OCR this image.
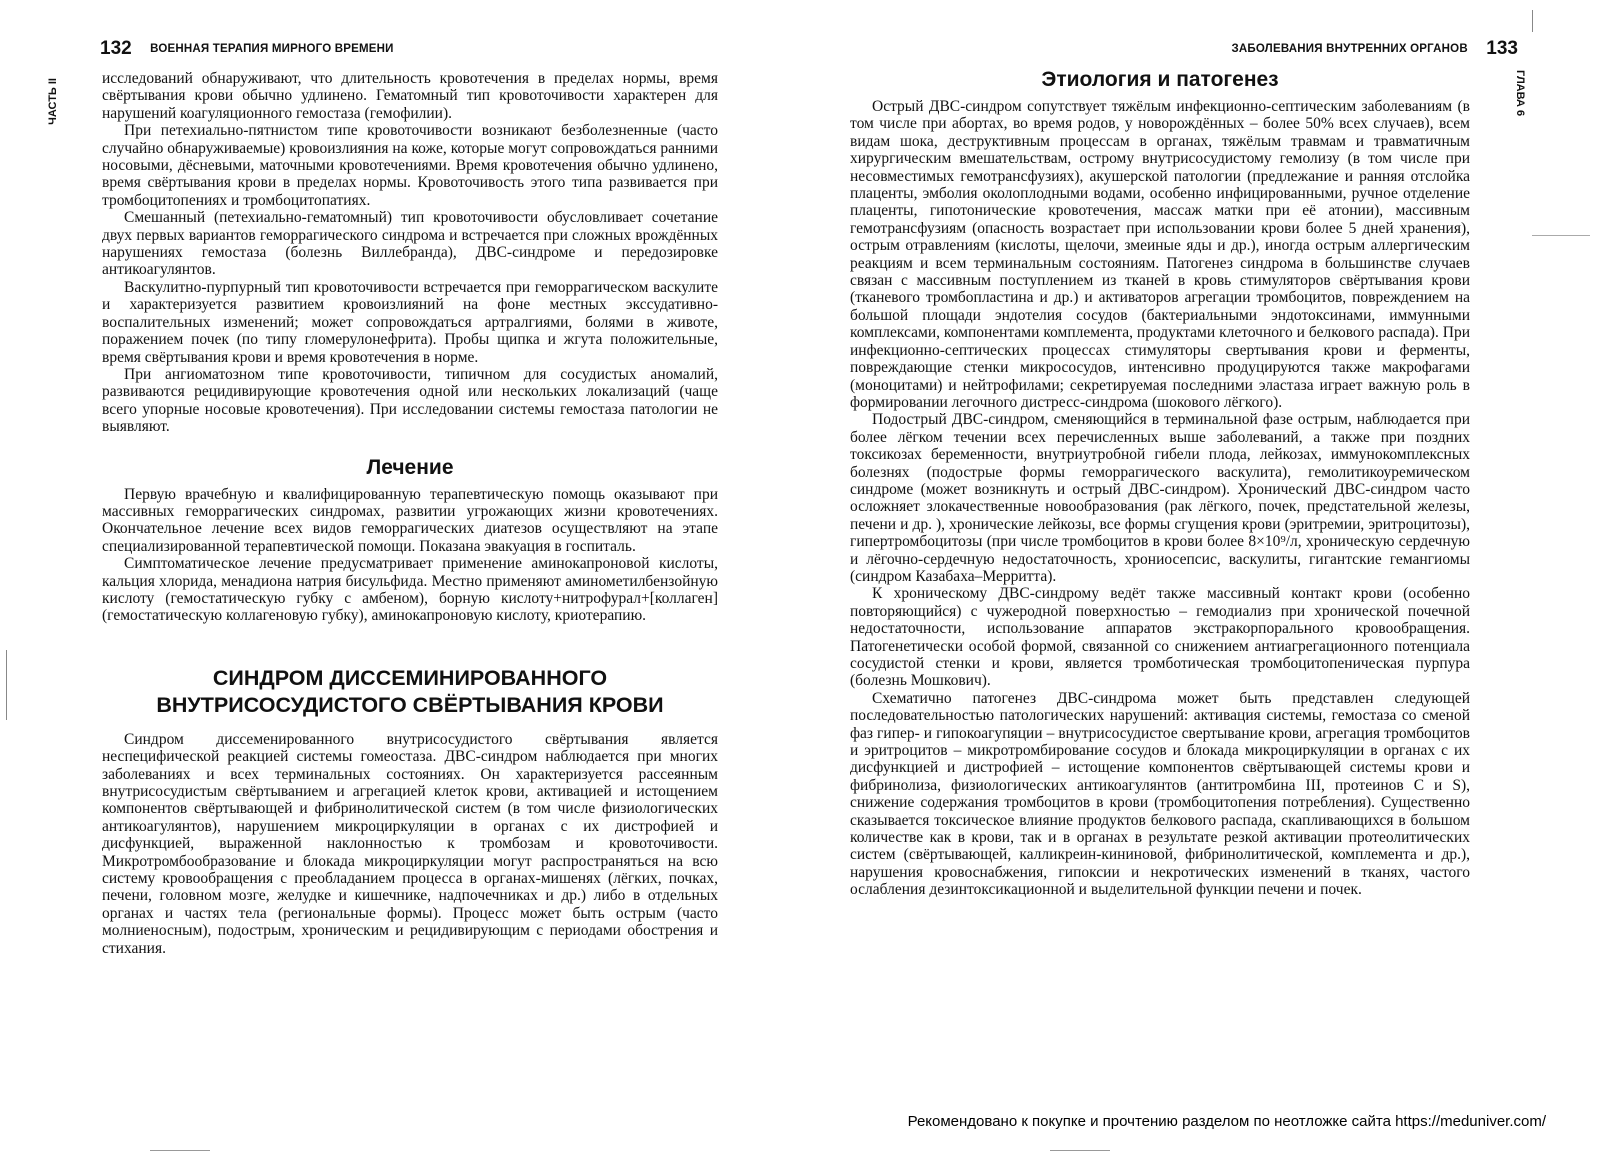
132 ВОЕННАЯ ТЕРАПИЯ МИРНОГО ВРЕМЕНИ
ЧАСТЬ II	исследований обнаруживают, что длительность кровотечения в пределах нормы, время свёртывания крови обычно удлинено. Гематомный тип кровоточивости характерен для нарушений коагуляционного гемостаза (гемофилии).

При петехиально-пятнистом типе кровоточивости возникают безболезненные (часто случайно обнаруживаемые) кровоизлияния на коже, которые могут сопровождаться ранними носовыми, дёсневыми, маточными кровотечениями. Время кровотечения обычно удлинено, время свёртывания крови в пределах нормы. Кровоточивость этого типа развивается при тромбоцитопениях и тромбоцитопатиях.

Смешанный (петехиально-гематомный) тип кровоточивости обусловливает сочетание двух первых вариантов геморрагического синдрома и встречается при сложных врождённых нарушениях гемостаза (болезнь Виллебранда), ДВС-синдроме и передозировке антикоагулянтов.

Васкулитно-пурпурный тип кровоточивости встречается при геморрагическом васкулите и характеризуется развитием кровоизлияний на фоне местных экссудативно-воспалительных изменений; может сопровождаться артралгиями, болями в животе, поражением почек (по типу гломерулонефрита). Пробы щипка и жгута положительные, время свёртывания крови и время кровотечения в норме.

При ангиоматозном типе кровоточивости, типичном для сосудистых аномалий, развиваются рецидивирующие кровотечения одной или нескольких локализаций (чаще всего упорные носовые кровотечения). При исследовании системы гемостаза патологии не выявляют.

Лечение

Первую врачебную и квалифицированную терапевтическую помощь оказывают при массивных геморрагических синдромах, развитии угрожающих жизни кровотечениях. Окончательное лечение всех видов геморрагических диатезов осуществляют на этапе специализированной терапевтической помощи. Показана эвакуация в госпиталь.

Симптоматическое лечение предусматривает применение аминокапроновой кислоты, кальция хлорида, менадиона натрия бисульфида. Местно применяют аминометилбензойную кислоту (гемостатическую губку с амбеном), борную кислоту+нитрофурал+[коллаген] (гемостатическую коллагеновую губку), аминокапроновую кислоту, криотерапию.

СИНДРОМ ДИССЕМИНИРОВАННОГО ВНУТРИСОСУДИСТОГО СВЁРТЫВАНИЯ КРОВИ

Синдром диссеменированного внутрисосудистого свёртывания является неспецифической реакцией системы гомеостаза. ДВС-синдром наблюдается при многих заболеваниях и всех терминальных состояниях. Он характеризуется рассеянным внутрисосудистым свёртыванием и агрегацией клеток крови, активацией и истощением компонентов свёртывающей и фибринолитической систем (в том числе физиологических антикоагулянтов), нарушением микроциркуляции в органах с их дистрофией и дисфункцией, выраженной наклонностью к тромбозам и кровоточивости. Микротромбообразование и блокада микроциркуляции могут распространяться на всю систему кровообращения с преобладанием процесса в органах-мишенях (лёгких, почках, печени, головном мозге, желудке и кишечнике, надпочечниках и др.) либо в отдельных органах и частях тела (региональные формы). Процесс может быть острым (часто молниеносным), подострым, хроническим и рецидивирующим с периодами обострения и стихания.

ЗАБОЛЕВАНИЯ ВНУТРЕННИХ ОРГАНОВ 133
ГЛАВА 6
Этиология и патогенез

Острый ДВС-синдром сопутствует тяжёлым инфекционно-септическим заболеваниям (в том числе при абортах, во время родов, у новорождённых – более 50% всех случаев), всем видам шока, деструктивным процессам в органах, тяжёлым травмам и травматичным хирургическим вмешательствам, острому внутрисосудистому гемолизу (в том числе при несовместимых гемотрансфузиях), акушерской патологии (предлежание и ранняя отслойка плаценты, эмболия околоплодными водами, особенно инфицированными, ручное отделение плаценты, гипотонические кровотечения, массаж матки при её атонии), массивным гемотрансфузиям (опасность возрастает при использовании крови более 5 дней хранения), острым отравлениям (кислоты, щелочи, змеиные яды и др.), иногда острым аллергическим реакциям и всем терминальным состояниям. Патогенез синдрома в большинстве случаев связан с массивным поступлением из тканей в кровь стимуляторов свёртывания крови (тканевого тромбопластина и др.) и активаторов агрегации тромбоцитов, повреждением на большой площади эндотелия сосудов (бактериальными эндотоксинами, иммунными комплексами, компонентами комплемента, продуктами клеточного и белкового распада). При инфекционно-септических процессах стимуляторы свертывания крови и ферменты, повреждающие стенки микрососудов, интенсивно продуцируются также макрофагами (моноцитами) и нейтрофилами; секретируемая последними эластаза играет важную роль в формировании легочного дистресс-синдрома (шокового лёгкого).

Подострый ДВС-синдром, сменяющийся в терминальной фазе острым, наблюдается при более лёгком течении всех перечисленных выше заболеваний, а также при поздних токсикозах беременности, внутриутробной гибели плода, лейкозах, иммунокомплексных болезнях (подострые формы геморрагического васкулита), гемолитикоуремическом синдроме (может возникнуть и острый ДВС-синдром). Хронический ДВС-синдром часто осложняет злокачественные новообразования (рак лёгкого, почек, предстательной железы, печени и др. ), хронические лейкозы, все формы сгущения крови (эритремии, эритроцитозы), гипертромбоцитозы (при числе тромбоцитов в крови более 8×10⁹/л, хроническую сердечную и лёгочно-сердечную недостаточность, хрониосепсис, васкулиты, гигантские гемангиомы (синдром Казабаха–Мерритта).

К хроническому ДВС-синдрому ведёт также массивный контакт крови (особенно повторяющийся) с чужеродной поверхностью – гемодиализ при хронической почечной недостаточности, использование аппаратов экстракорпорального кровообращения. Патогенетически особой формой, связанной со снижением антиагрегационного потенциала сосудистой стенки и крови, является тромботическая тромбоцитопеническая пурпура (болезнь Мошкович).

Схематично патогенез ДВС-синдрома может быть представлен следующей последовательностью патологических нарушений: активация системы, гемостаза со сменой фаз гипер- и гипокоагупяции – внутрисосудистое свертывание крови, агрегация тромбоцитов и эритроцитов – микротромбирование сосудов и блокада микроциркуляции в органах с их дисфункцией и дистрофией – истощение компонентов свёртывающей системы крови и фибринолиза, физиологических антикоагулянтов (антитромбина III, протеинов C и S), снижение содержания тромбоцитов в крови (тромбоцитопения потребления). Существенно сказывается токсическое влияние продуктов белкового распада, скапливающихся в большом количестве как в крови, так и в органах в результате резкой активации протеолитических систем (свёртывающей, калликреин-кининовой, фибринолитической, комплемента и др.), нарушения кровоснабжения, гипоксии и некротических изменений в тканях, частого ослабления дезинтоксикационной и выделительной функции печени и почек.

Рекомендовано к покупке и прочтению разделом по неотложке сайта https://meduniver.com/
